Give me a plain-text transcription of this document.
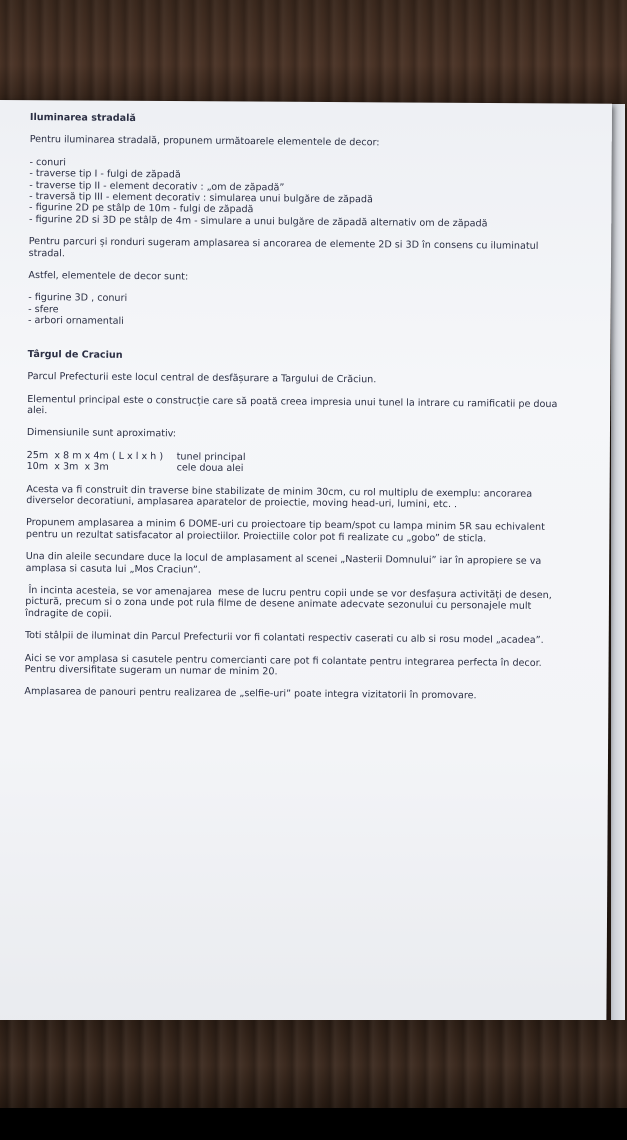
Iluminarea stradală
Pentru iluminarea stradală, propunem următoarele elementele de decor:
- conuri
- traverse tip I - fulgi de zăpadă
- traverse tip II - element decorativ : „om de zăpadă”
- traversă tip III - element decorativ : simularea unui bulgăre de zăpadă
- figurine 2D pe stâlp de 10m - fulgi de zăpadă
- figurine 2D si 3D pe stâlp de 4m - simulare a unui bulgăre de zăpadă alternativ om de zăpadă
Pentru parcuri și ronduri sugeram amplasarea si ancorarea de elemente 2D si 3D în consens cu iluminatul stradal.
Astfel, elementele de decor sunt:
- figurine 3D , conuri
- sfere
- arbori ornamentali
Târgul de Craciun
Parcul Prefecturii este locul central de desfășurare a Targului de Crăciun.
Elementul principal este o construcție care să poată creea impresia unui tunel la intrare cu ramificatii pe doua alei.
Dimensiunile sunt aproximativ:
25m  x 8 m x 4m ( L x l x h )	tunel principal
10m  x 3m  x 3m	cele doua alei
Acesta va fi construit din traverse bine stabilizate de minim 30cm, cu rol multiplu de exemplu: ancorarea diverselor decoratiuni, amplasarea aparatelor de proiectie, moving head-uri, lumini, etc. .
Propunem amplasarea a minim 6 DOME-uri cu proiectoare tip beam/spot cu lampa minim 5R sau echivalent pentru un rezultat satisfacator al proiectiilor. Proiectiile color pot fi realizate cu „gobo” de sticla.
Una din aleile secundare duce la locul de amplasament al scenei „Nasterii Domnului” iar în apropiere se va amplasa si casuta lui „Mos Craciun”.
În incinta acesteia, se vor amenajarea  mese de lucru pentru copii unde se vor desfașura activități de desen, pictură, precum si o zona unde pot rula filme de desene animate adecvate sezonului cu personajele mult îndragite de copii.
Toti stâlpii de iluminat din Parcul Prefecturii vor fi colantati respectiv caserati cu alb si rosu model „acadea”.
Aici se vor amplasa si casutele pentru comercianti care pot fi colantate pentru integrarea perfecta în decor. Pentru diversifitate sugeram un numar de minim 20.
Amplasarea de panouri pentru realizarea de „selfie-uri” poate integra vizitatorii în promovare.
